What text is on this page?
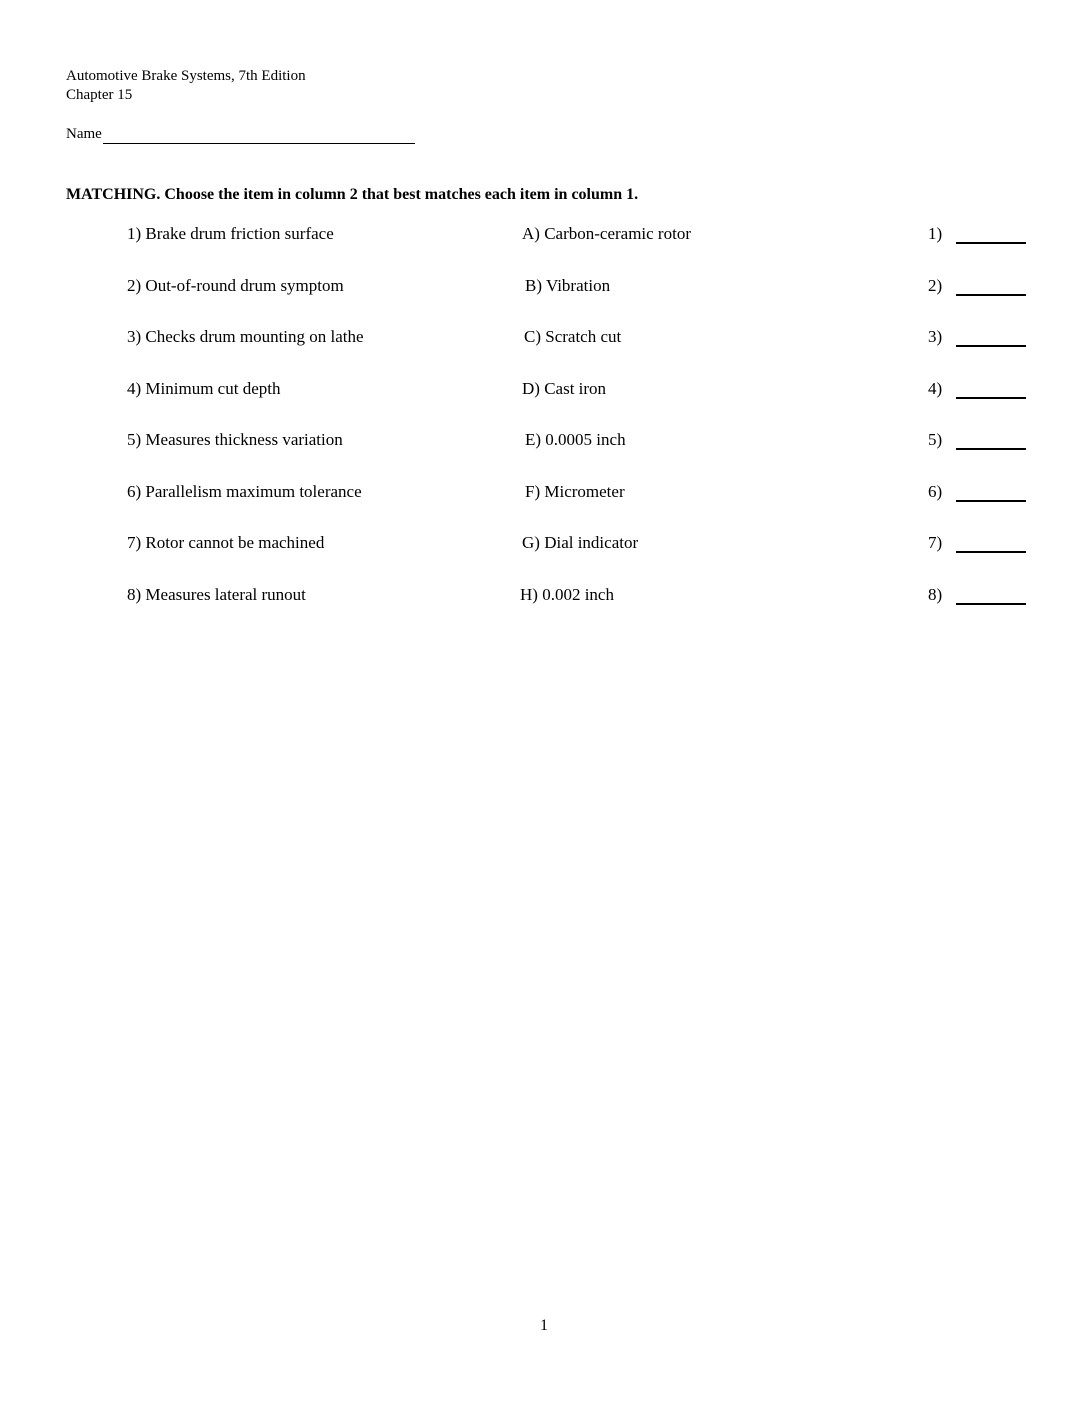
Automotive Brake Systems, 7th Edition
Chapter 15
Name
MATCHING. Choose the item in column 2 that best matches each item in column 1.
1) Brake drum friction surface	A) Carbon-ceramic rotor	1)
2) Out-of-round drum symptom	B) Vibration	2)
3) Checks drum mounting on lathe	C) Scratch cut	3)
4) Minimum cut depth	D) Cast iron	4)
5) Measures thickness variation	E) 0.0005 inch	5)
6) Parallelism maximum tolerance	F) Micrometer	6)
7) Rotor cannot be machined	G) Dial indicator	7)
8) Measures lateral runout	H) 0.002 inch	8)
1
